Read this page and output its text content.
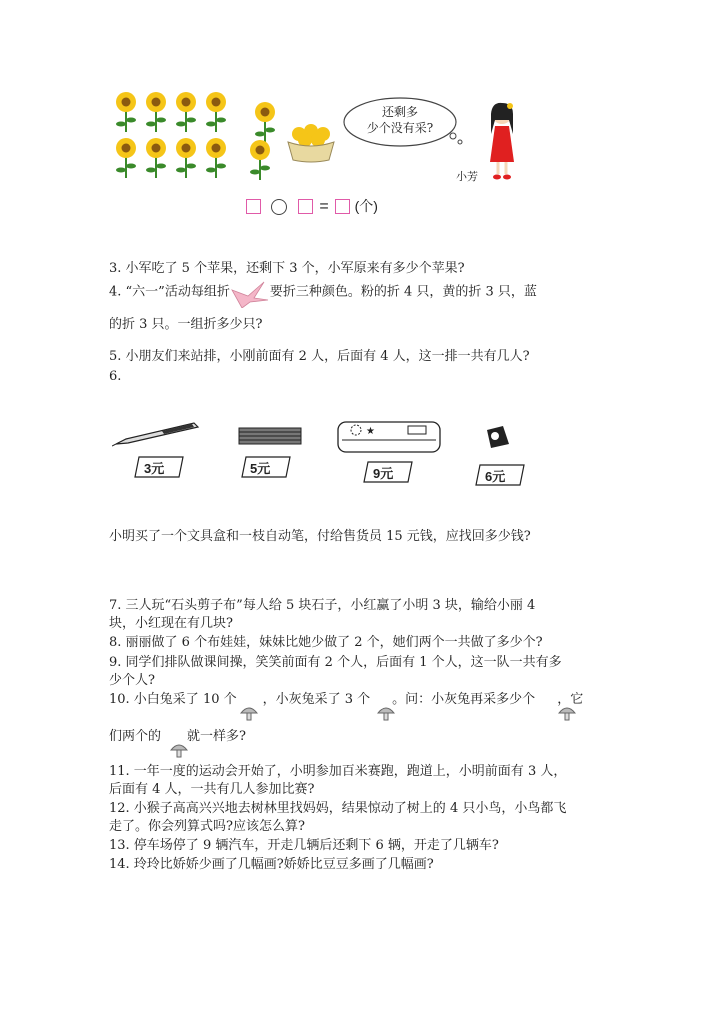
还剩多
少个没有采?
小芳
= (个)
3. 小军吃了 5 个苹果，还剩下 3 个，小军原来有多少个苹果?
4. “六一”活动每组折	要折三种颜色。粉的折 4 只，黄的折 3 只，蓝
的折 3 只。一组折多少只?
5. 小朋友们来站排，小刚前面有 2 人，后面有 4 人，这一排一共有几人?
6.
★
3元	5元	9元	6元
小明买了一个文具盒和一枝自动笔，付给售货员 15 元钱，应找回多少钱?
7. 三人玩“石头剪子布”每人给 5 块石子，小红赢了小明 3 块，输给小丽 4
块，小红现在有几块?
8. 丽丽做了 6 个布娃娃，妹妹比她少做了 2 个，她们两个一共做了多少个?
9. 同学们排队做课间操，笑笑前面有 2 个人，后面有 1 个人，这一队一共有多
少个人?
10. 小白兔采了 10 个 ，小灰兔采了 3 个 。问：小灰兔再采多少个 ，它
们两个的 就一样多?
11. 一年一度的运动会开始了，小明参加百米赛跑，跑道上，小明前面有 3 人，
后面有 4 人，一共有几人参加比赛?
12. 小猴子高高兴兴地去树林里找妈妈，结果惊动了树上的 4 只小鸟，小鸟都飞
走了。你会列算式吗?应该怎么算?
13. 停车场停了 9 辆汽车，开走几辆后还剩下 6 辆，开走了几辆车?
14. 玲玲比娇娇少画了几幅画?娇娇比豆豆多画了几幅画?
